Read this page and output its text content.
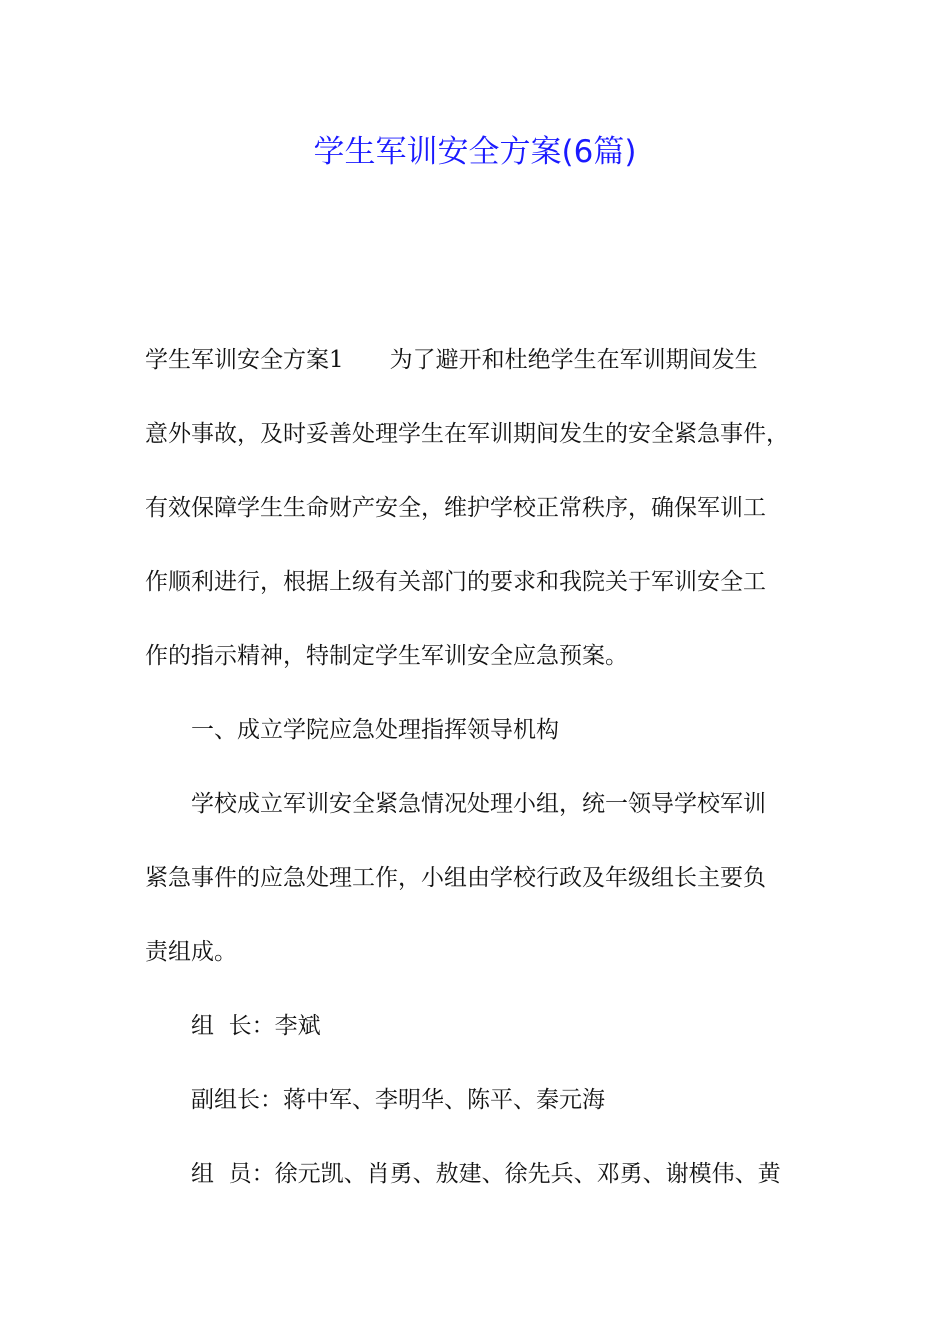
学生军训安全方案(6篇)
学生军训安全方案1 为了避开和杜绝学生在军训期间发生
意外事故，及时妥善处理学生在军训期间发生的安全紧急事件，
有效保障学生生命财产安全，维护学校正常秩序，确保军训工
作顺利进行，根据上级有关部门的要求和我院关于军训安全工
作的指示精神，特制定学生军训安全应急预案。
一、成立学院应急处理指挥领导机构
学校成立军训安全紧急情况处理小组，统一领导学校军训
紧急事件的应急处理工作，小组由学校行政及年级组长主要负
责组成。
组  长：李斌
副组长：蒋中军、李明华、陈平、秦元海
组  员：徐元凯、肖勇、敖建、徐先兵、邓勇、谢模伟、黄
